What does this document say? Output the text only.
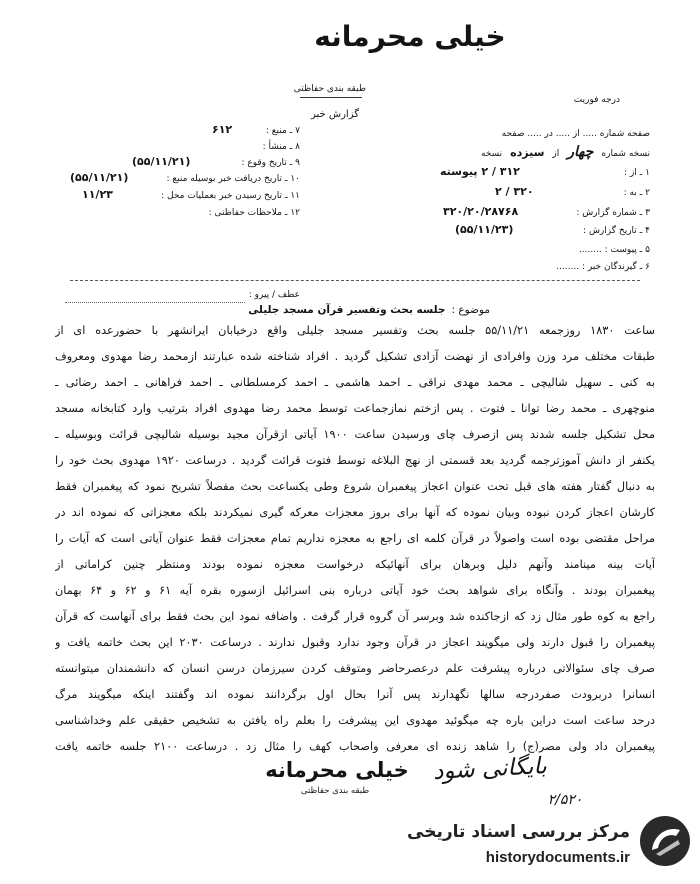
خیلی محرمانه
طبقه بندی حفاظتی
درجه فوریت
گزارش خبر
۷ ـ منبع :
۶۱۲
۸ ـ منشأ :
۹ ـ تاریخ وقوع :
(۵۵/۱۱/۲۱)
۱۰ ـ تاریخ دریافت خبر بوسیله منبع :
(۵۵/۱۱/۲۱)
۱۱ ـ تاریخ رسیدن خبر بعملیات محل :
۱۱/۲۳
۱۲ ـ ملاحظات حفاظتی :
صفحه شماره ..... از ..... در ..... صفحه
نسخه شماره
چهار
از
سیزده
نسخه
۱ ـ از :
۳۱۲ / ۲ پیوسته
۲ ـ به :
۳۲۰ / ۲
۳ ـ شماره گزارش :
۳۲۰/۲۰/۲۸۷۶۸
۴ ـ تاریخ گزارش :
(۵۵/۱۱/۲۳)
۵ ـ پیوست : ........
۶ ـ گیرندگان خبر : ........
عطف / پیرو :
موضوع :
جلسه بحث وتفسیر قرآن مسجد جلیلی
ساعت ۱۸۳۰ روزجمعه ۵۵/۱۱/۲۱ جلسه بحث وتفسیر مسجد جلیلی واقع درخیابان ایرانشهر با حضورعده ای از
طبقات مختلف مرد وزن وافرادی از نهضت آزادی تشکیل گردید . افراد شناخته شده عبارتند ازمحمد رضا مهدوی ومعروف
به کنی ـ سهیل شالیچی ـ محمد مهدی نراقی ـ احمد هاشمی ـ احمد کرمسلطانی ـ احمد فراهانی ـ احمد رضائی ـ
منوچهری ـ محمد رضا توانا ـ فتوت . پس ازختم نمازجماعت توسط محمد رضا مهدوی افراد بترتیب وارد کتابخانه مسجد
محل تشکیل جلسه شدند پس ازصرف چای ورسیدن ساعت ۱۹۰۰ آیاتی ازقرآن مجید بوسیله شالیچی قرائت وبوسیله ـ
یکنفر از دانش آموزترجمه گردید بعد قسمتی از نهج البلاغه توسط فتوت قرائت گردید . درساعت ۱۹۲۰ مهدوی بحث خود را
به دنبال گفتار هفته های قبل تحت عنوان اعجاز پیغمبران شروع وطی یکساعت بحث مفصلاً تشریح نمود که پیغمبران فقط
کارشان اعجاز کردن نبوده وبیان نموده که آنها برای بروز معجزات معرکه گیری نمیکردند بلکه معجزاتی که نموده اند در
مراحل مقتضی بوده است واصولاً در قرآن کلمه ای راجع به معجزه نداریم تمام معجزات فقط عنوان آیاتی است که آیات را
آیات بینه مینامند وآنهم دلیل وبرهان برای آنهائیکه درخواست معجزه نموده بودند ومنتظر چنین کراماتی از
پیغمبران بودند . وآنگاه برای شواهد بحث خود آیاتی درباره بنی اسرائیل ازسوره بقره آیه ۶۱ و ۶۲ و ۶۴ بهمان
راجع به کوه طور مثال زد که ازجاکنده شد وبرسر آن گروه قرار گرفت . واضافه نمود این بحث فقط برای آنهاست که قرآن
پیغمبران را قبول دارند ولی میگویند اعجاز در قرآن وجود ندارد وقبول ندارند . درساعت ۲۰۳۰ این بحث خاتمه یافت و
صرف چای سئوالاتی درباره پیشرفت علم درعصرحاضر ومتوقف کردن سیرزمان درسن انسان که دانشمندان میتوانسته
انسانرا دربرودت صفردرجه سالها نگهدارند پس آنرا بحال اول برگردانند نموده اند وگفتند اینکه میگویند مرگ
درحد ساعت است دراین باره چه میگوئید مهدوی این پیشرفت را بعلم راه یافتن به تشخیص حقیقی علم وخداشناسی
پیغمبران داد ولی مصر(ج) را شاهد زنده ای معرفی واصحاب کهف را مثال زد . درساعت ۲۱۰۰ جلسه خاتمه یافت
خیلی محرمانه
طبقه بندی حفاظتی
بایگانی شود
۲/۵۲۰
مرکز بررسی اسناد تاریخی
historydocuments.ir
